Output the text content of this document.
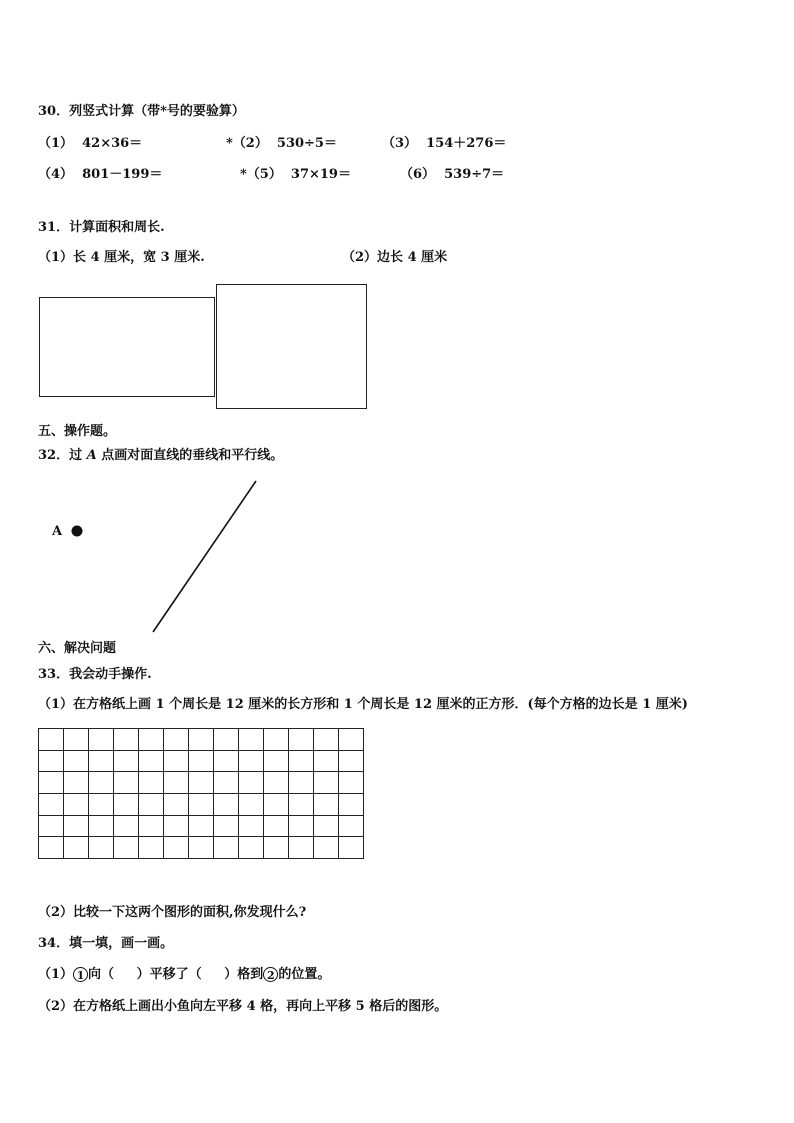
30．列竖式计算（带*号的要验算）
（1）  42×36＝	*（2）  530÷5＝	（3）  154＋276＝
（4）  801－199＝	*（5）  37×19＝	（6）  539÷7＝
31．计算面积和周长.
（1）长 4 厘米，宽 3 厘米.	（2）边长 4 厘米
五、操作题。
32．过 A 点画对面直线的垂线和平行线。
A
六、解决问题
33．我会动手操作.
（1）在方格纸上画 1 个周长是 12 厘米的长方形和 1 个周长是 12 厘米的正方形．(每个方格的边长是 1 厘米)
（2）比较一下这两个图形的面积,你发现什么?
34．填一填，画一画。
（1） 1 向（     ）平移了（     ）格到 2 的位置。
（2）在方格纸上画出小鱼向左平移 4 格，再向上平移 5 格后的图形。
